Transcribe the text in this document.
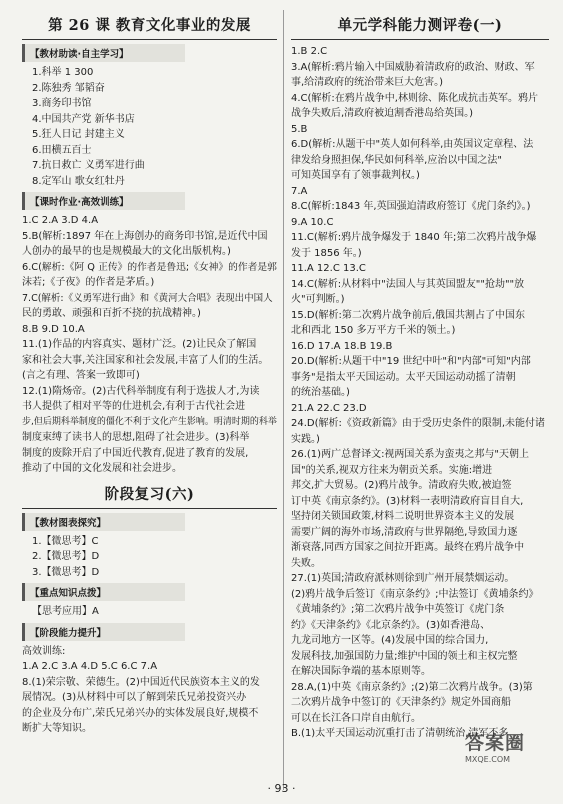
第 26 课 教育文化事业的发展
【教材助读·自主学习】
1.科举 1 300
2.陈独秀 邹韬奋
3.商务印书馆
4.中国共产党 新华书店
5.狂人日记 封建主义
6.田横五百士
7.抗日救亡 义勇军进行曲
8.定军山 歌女红牡丹
【课时作业·高效训练】
1.C 2.A 3.D 4.A
5.B(解析:1897 年在上海创办的商务印书馆,是近代中国
人创办的最早的也是规模最大的文化出版机构。)
6.C(解析:《阿 Q 正传》的作者是鲁迅;《女神》的作者是郭
沫若;《子夜》的作者是茅盾。)
7.C(解析:《义勇军进行曲》和《黄河大合唱》表现出中国人
民的勇敢、顽强和百折不挠的抗战精神。)
8.B 9.D 10.A
11.(1)作品的内容真实、题材广泛。(2)让民众了解国
家和社会大事,关注国家和社会发展,丰富了人们的生活。
(言之有理、答案一致即可)
12.(1)隋炀帝。(2)古代科举制度有利于选拔人才,为读
书人提供了相对平等的仕进机会,有利于古代社会进
步,但后期科举制度的僵化不利于文化产生影响。明清时期的科举
制度束缚了读书人的思想,阻碍了社会进步。(3)科举
制度的废除开启了中国近代教育,促进了教育的发展,
推动了中国的文化发展和社会进步。
阶段复习(六)
【教材图表探究】
1.【微思考】C
2.【微思考】D
3.【微思考】D
【重点知识点拨】
【思考应用】A
【阶段能力提升】
高效训练:
1.A 2.C 3.A 4.D 5.C 6.C 7.A
8.(1)荣宗敬、荣德生。(2)中国近代民族资本主义的发
展情况。(3)从材料中可以了解到荣氏兄弟投资兴办
的企业及分布广,荣氏兄弟兴办的实体发展良好,规模不
断扩大等知识。
单元学科能力测评卷(一)
1.B 2.C
3.A(解析:鸦片输入中国威胁着清政府的政治、财政、军
事,给清政府的统治带来巨大危害。)
4.C(解析:在鸦片战争中,林则徐、陈化成抗击英军。鸦片
战争失败后,清政府被迫割香港岛给英国。)
5.B
6.D(解析:从题干中"英人如何科举,由英国议定章程、法
律发给身照担保,华民如何科举,应治以中国之法"
可知英国享有了领事裁判权。)
7.A
8.C(解析:1843 年,英国强迫清政府签订《虎门条约》。)
9.A 10.C
11.C(解析:鸦片战争爆发于 1840 年;第二次鸦片战争爆
发于 1856 年。)
11.A 12.C 13.C
14.C(解析:从材料中"法国人与其英国盟友""抢劫""放
火"可判断。)
15.D(解析:第二次鸦片战争前后,俄国共割占了中国东
北和西北 150 多万平方千米的领土。)
16.D 17.A 18.B 19.B
20.D(解析:从题干中"19 世纪中叶"和"内部"可知"内部
事务"是指太平天国运动。太平天国运动动摇了清朝
的统治基础。)
21.A 22.C 23.D
24.D(解析:《资政新篇》由于受历史条件的限制,未能付诸
实践。)
26.(1)两广总督译文:视两国关系为蛮夷之邦与"天朝上
国"的关系,视双方往来为朝贡关系。实施:增进
邦交,扩大贸易。(2)鸦片战争。清政府失败,被迫签
订中英《南京条约》。(3)材料一表明清政府盲目自大,
坚持闭关锁国政策,材料二说明世界资本主义的发展
需要广阔的海外市场,清政府与世界隔绝,导致国力逐
渐衰落,同西方国家之间拉开距离。最终在鸦片战争中
失败。
27.(1)英国;清政府派林则徐到广州开展禁烟运动。
(2)鸦片战争后签订《南京条约》;中法签订《黄埔条约》
《黄埔条约》;第二次鸦片战争中英签订《虎门条
约》《天津条约》《北京条约》。(3)如香港岛、
九龙司地方一区等。(4)发展中国的综合国力,
发展科技,加强国防力量;维护中国的领土和主权完整
在解决国际争端的基本原则等。
28.A,(1)中英《南京条约》;(2)第二次鸦片战争。(3)第
二次鸦片战争中签订的《天津条约》规定外国商船
可以在长江各口岸自由航行。
B.(1)太平天国运动沉重打击了清朝统治,清军不多
· 93 ·
答案圈
MXQE.COM
